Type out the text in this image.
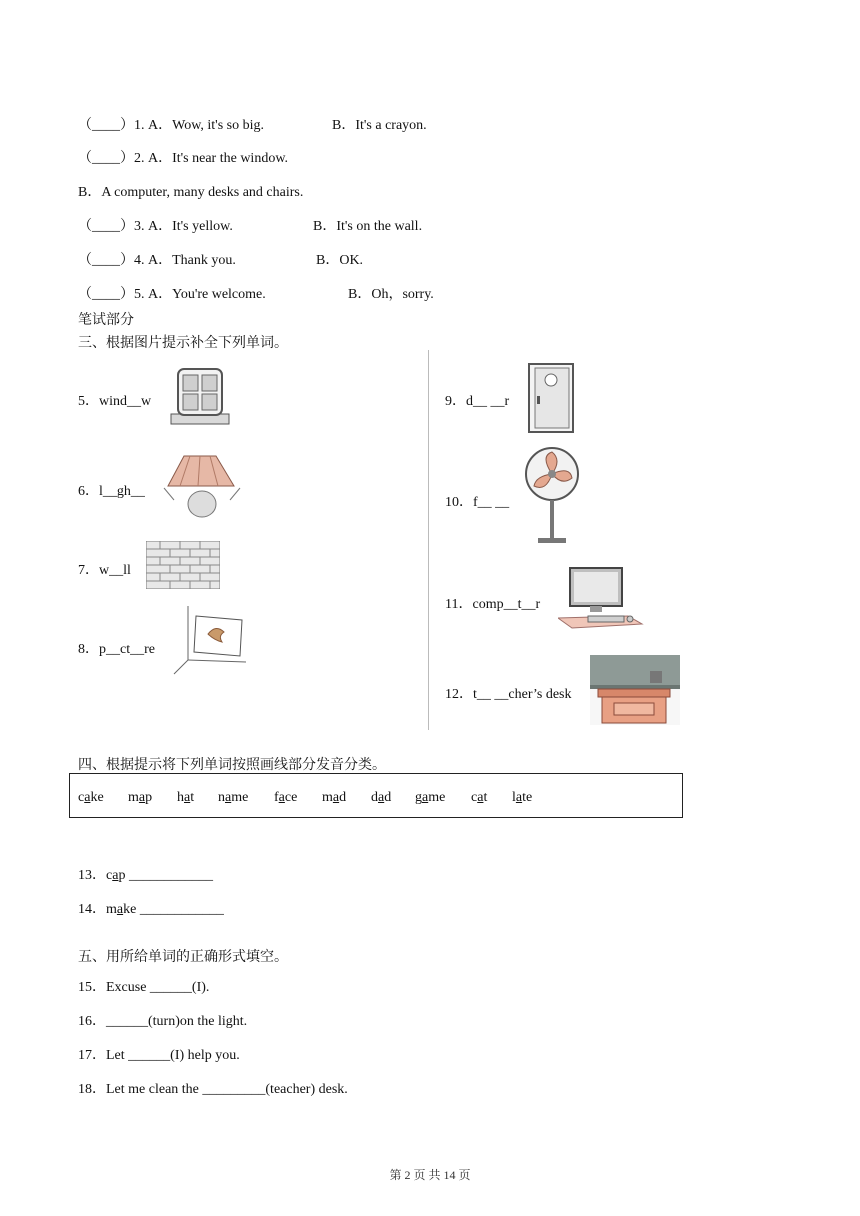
（____）1. A．Wow, it's so big.	B．It's a crayon.
（____）2. A．It's near the window.
B．A computer, many desks and chairs.
（____）3. A．It's yellow.	B．It's on the wall.
（____）4. A．Thank you.	B．OK.
（____）5. A．You're welcome.	B．Oh，sorry.
笔试部分
三、根据图片提示补全下列单词。
5．wind__w
6．l__gh__
7．w__ll
8．p__ct__re
9．d__ __r
10．f__ __
11．comp__t__r
12．t__ __cher’s desk
四、根据提示将下列单词按照画线部分发音分类。
cake map hat name face mad dad game cat late
13．cap ____________
14．make ____________
五、用所给单词的正确形式填空。
15．Excuse ______(I).
16．______(turn)on the light.
17．Let ______(I) help you.
18．Let me clean the _________(teacher) desk.
第 2 页 共 14 页
